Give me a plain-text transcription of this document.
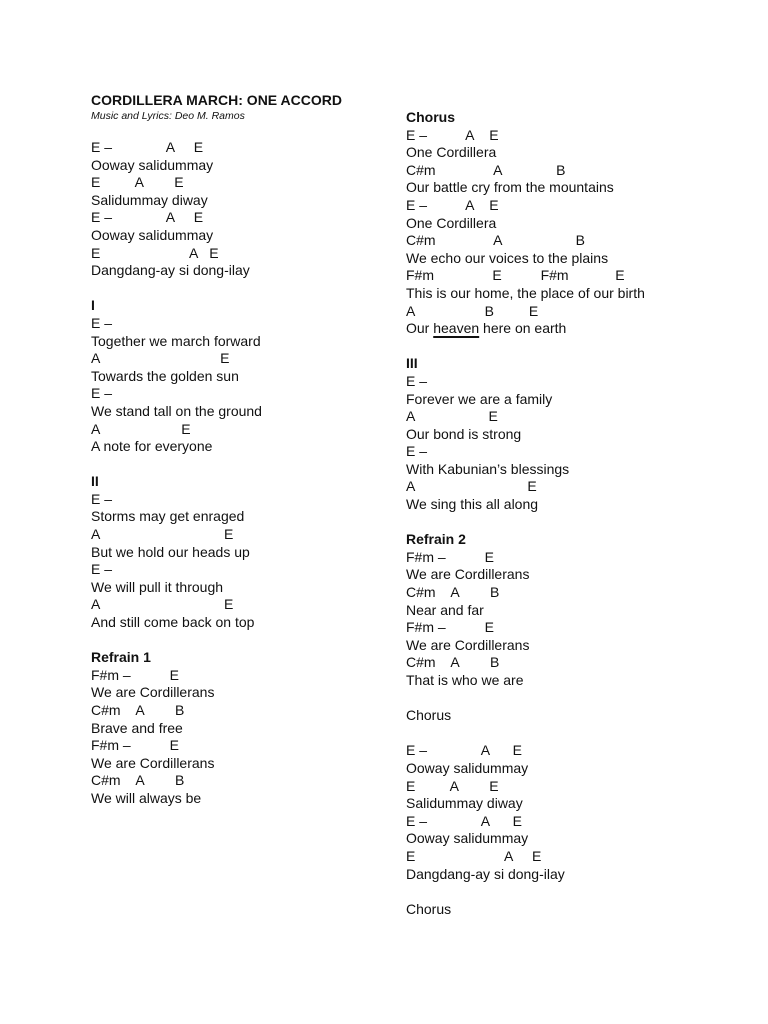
CORDILLERA MARCH: ONE ACCORD
Music and Lyrics: Deo M. Ramos
E –              A     E
Ooway salidummay
E         A        E
Salidummay diway
E –              A     E
Ooway salidummay
E                       A   E
Dangdang-ay si dong-ilay
I
E –
Together we march forward
A                               E
Towards the golden sun
E –
We stand tall on the ground
A                     E
A note for everyone
II
E –
Storms may get enraged
A                                E
But we hold our heads up
E –
We will pull it through
A                                E
And still come back on top
Refrain 1
F#m –          E
We are Cordillerans
C#m    A        B
Brave and free
F#m –          E
We are Cordillerans
C#m    A        B
We will always be
Chorus
E –          A    E
One Cordillera
C#m               A              B
Our battle cry from the mountains
E –          A    E
One Cordillera
C#m               A                   B
We echo our voices to the plains
F#m               E          F#m            E
This is our home, the place of our birth
A                  B         E
Our heaven here on earth
III
E –
Forever we are a family
A                   E
Our bond is strong
E –
With Kabunian’s blessings
A                             E
We sing this all along
Refrain 2
F#m –          E
We are Cordillerans
C#m    A        B
Near and far
F#m –          E
We are Cordillerans
C#m    A        B
That is who we are
Chorus
E –              A      E
Ooway salidummay
E         A        E
Salidummay diway
E –              A      E
Ooway salidummay
E                       A     E
Dangdang-ay si dong-ilay
Chorus
